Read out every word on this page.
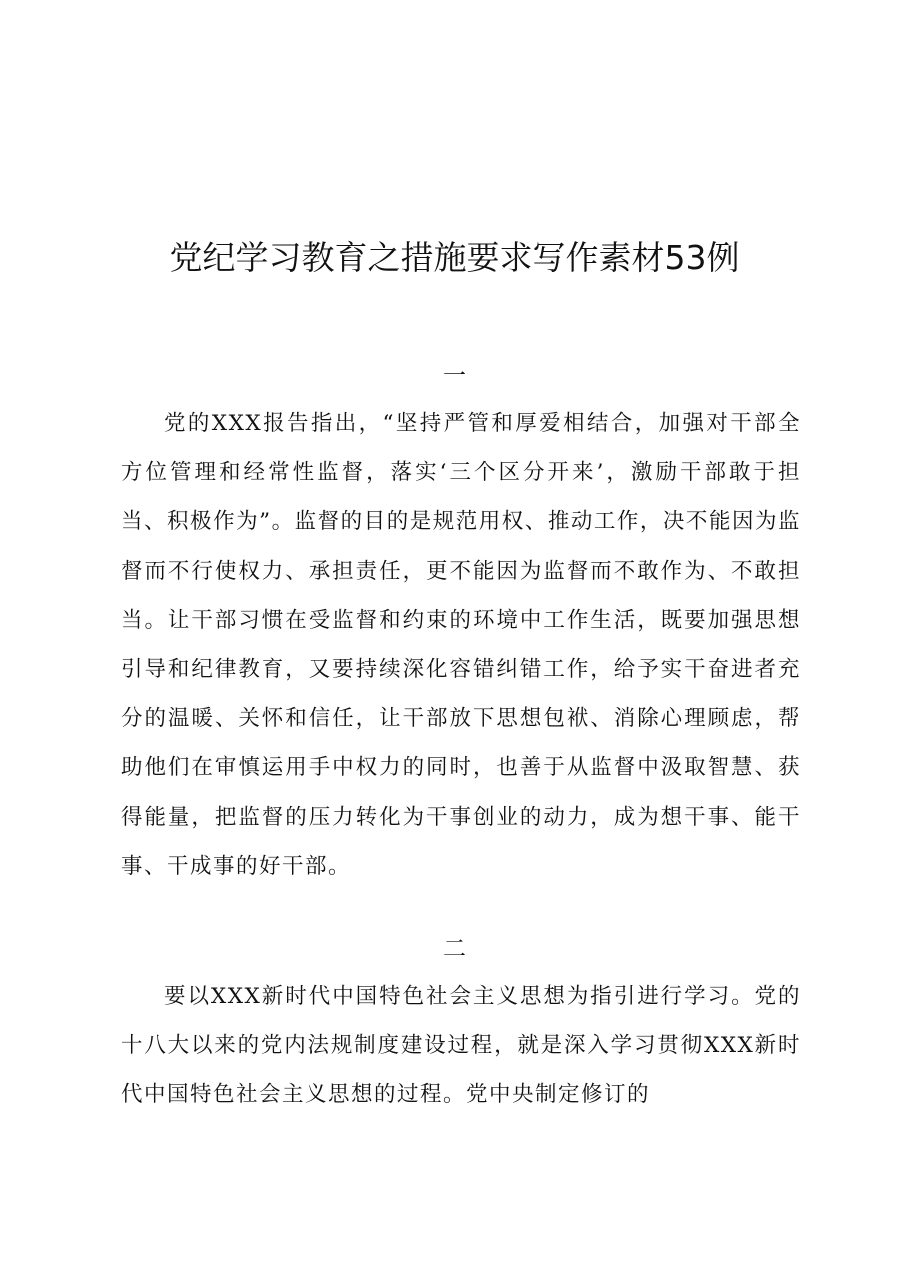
党纪学习教育之措施要求写作素材53例
一

党的XXX报告指出，“坚持严管和厚爱相结合，加强对干部全方位管理和经常性监督，落实‘三个区分开来’，激励干部敢于担当、积极作为”。监督的目的是规范用权、推动工作，决不能因为监督而不行使权力、承担责任，更不能因为监督而不敢作为、不敢担当。让干部习惯在受监督和约束的环境中工作生活，既要加强思想引导和纪律教育，又要持续深化容错纠错工作，给予实干奋进者充分的温暖、关怀和信任，让干部放下思想包袱、消除心理顾虑，帮助他们在审慎运用手中权力的同时，也善于从监督中汲取智慧、获得能量，把监督的压力转化为干事创业的动力，成为想干事、能干事、干成事的好干部。

二

要以XXX新时代中国特色社会主义思想为指引进行学习。党的十八大以来的党内法规制度建设过程，就是深入学习贯彻XXX新时代中国特色社会主义思想的过程。党中央制定修订的
